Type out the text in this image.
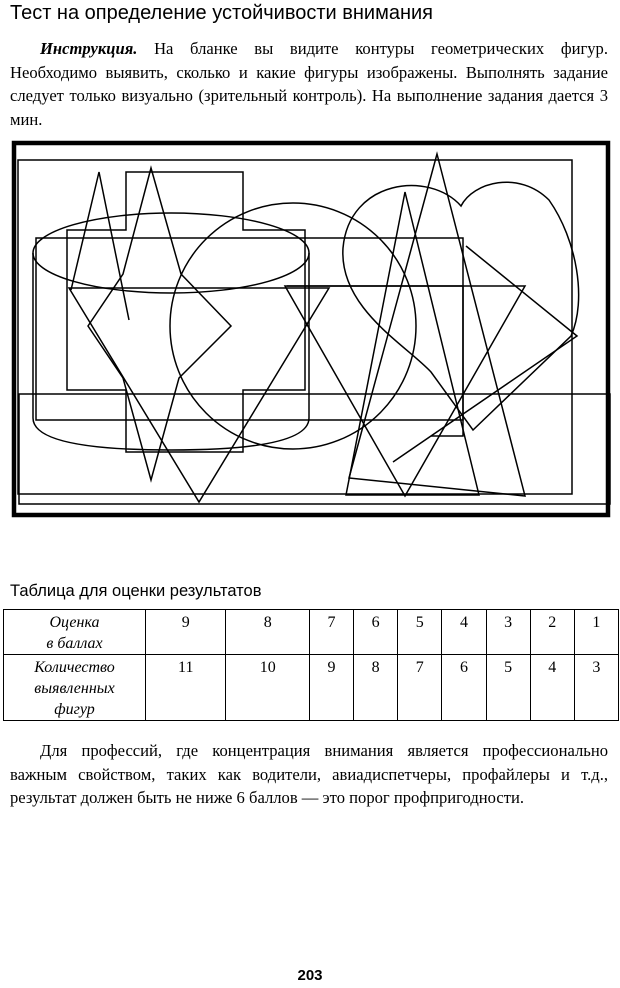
Тест на определение устойчивости внимания

Инструкция. На бланке вы видите контуры геометрических фигур. Необходимо выявить, сколько и какие фигуры изображены. Выполнять задание следует только визуально (зрительный контроль). На выполнение задания дается 3 мин.

Таблица для оценки результатов
Оценка
в баллах	9	8	7	6	5	4	3	2	1
Количество
выявленных
фигур	11	10	9	8	7	6	5	4	3

Для профессий, где концентрация внимания является профессионально важным свойством, таких как водители, авиадиспетчеры, профайлеры и т.д., результат должен быть не ниже 6 баллов — это порог профпригодности.

203
